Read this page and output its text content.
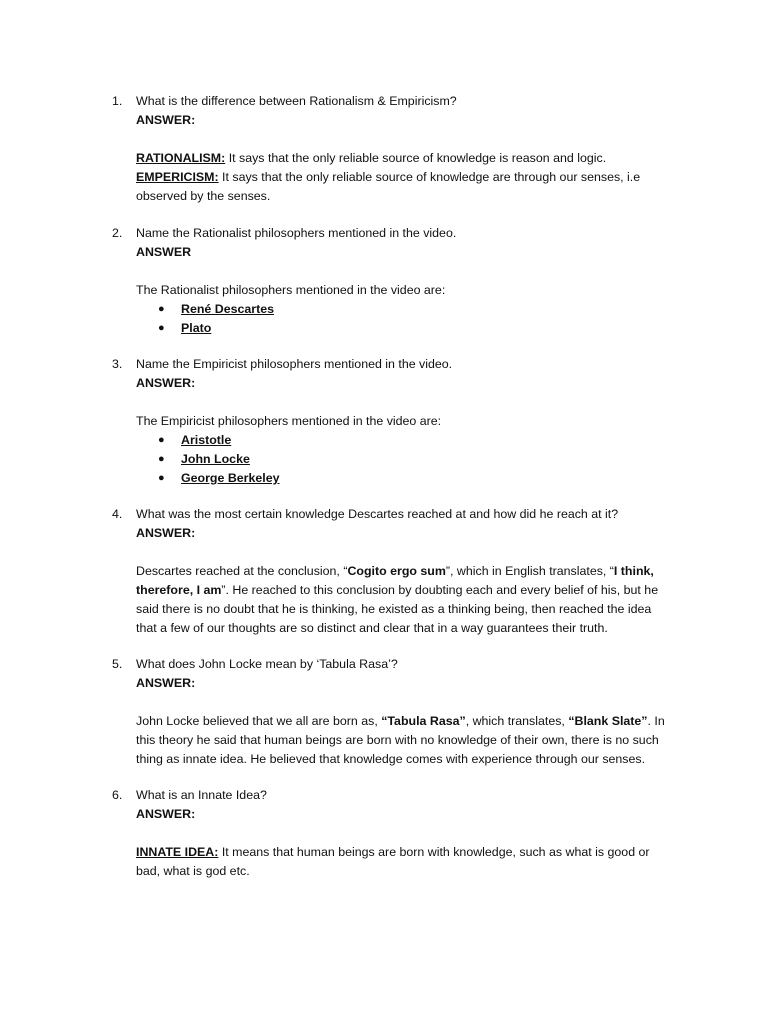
1.	What is the difference between Rationalism & Empiricism?
ANSWER:
RATIONALISM: It says that the only reliable source of knowledge is reason and logic.
EMPERICISM: It says that the only reliable source of knowledge are through our senses, i.e
observed by the senses.
2.	Name the Rationalist philosophers mentioned in the video.
ANSWER
The Rationalist philosophers mentioned in the video are:
●	René Descartes
●	Plato
3.	Name the Empiricist philosophers mentioned in the video.
ANSWER:
The Empiricist philosophers mentioned in the video are:
●	Aristotle
●	John Locke
●	George Berkeley
4.	What was the most certain knowledge Descartes reached at and how did he reach at it?
ANSWER:
Descartes reached at the conclusion, “Cogito ergo sum”, which in English translates, “I think,
therefore, I am”. He reached to this conclusion by doubting each and every belief of his, but he
said there is no doubt that he is thinking, he existed as a thinking being, then reached the idea
that a few of our thoughts are so distinct and clear that in a way guarantees their truth.
5.	What does John Locke mean by ‘Tabula Rasa’?
ANSWER:
John Locke believed that we all are born as, “Tabula Rasa”, which translates, “Blank Slate”. In
this theory he said that human beings are born with no knowledge of their own, there is no such
thing as innate idea. He believed that knowledge comes with experience through our senses.
6.	What is an Innate Idea?
ANSWER:
INNATE IDEA: It means that human beings are born with knowledge, such as what is good or
bad, what is god etc.
